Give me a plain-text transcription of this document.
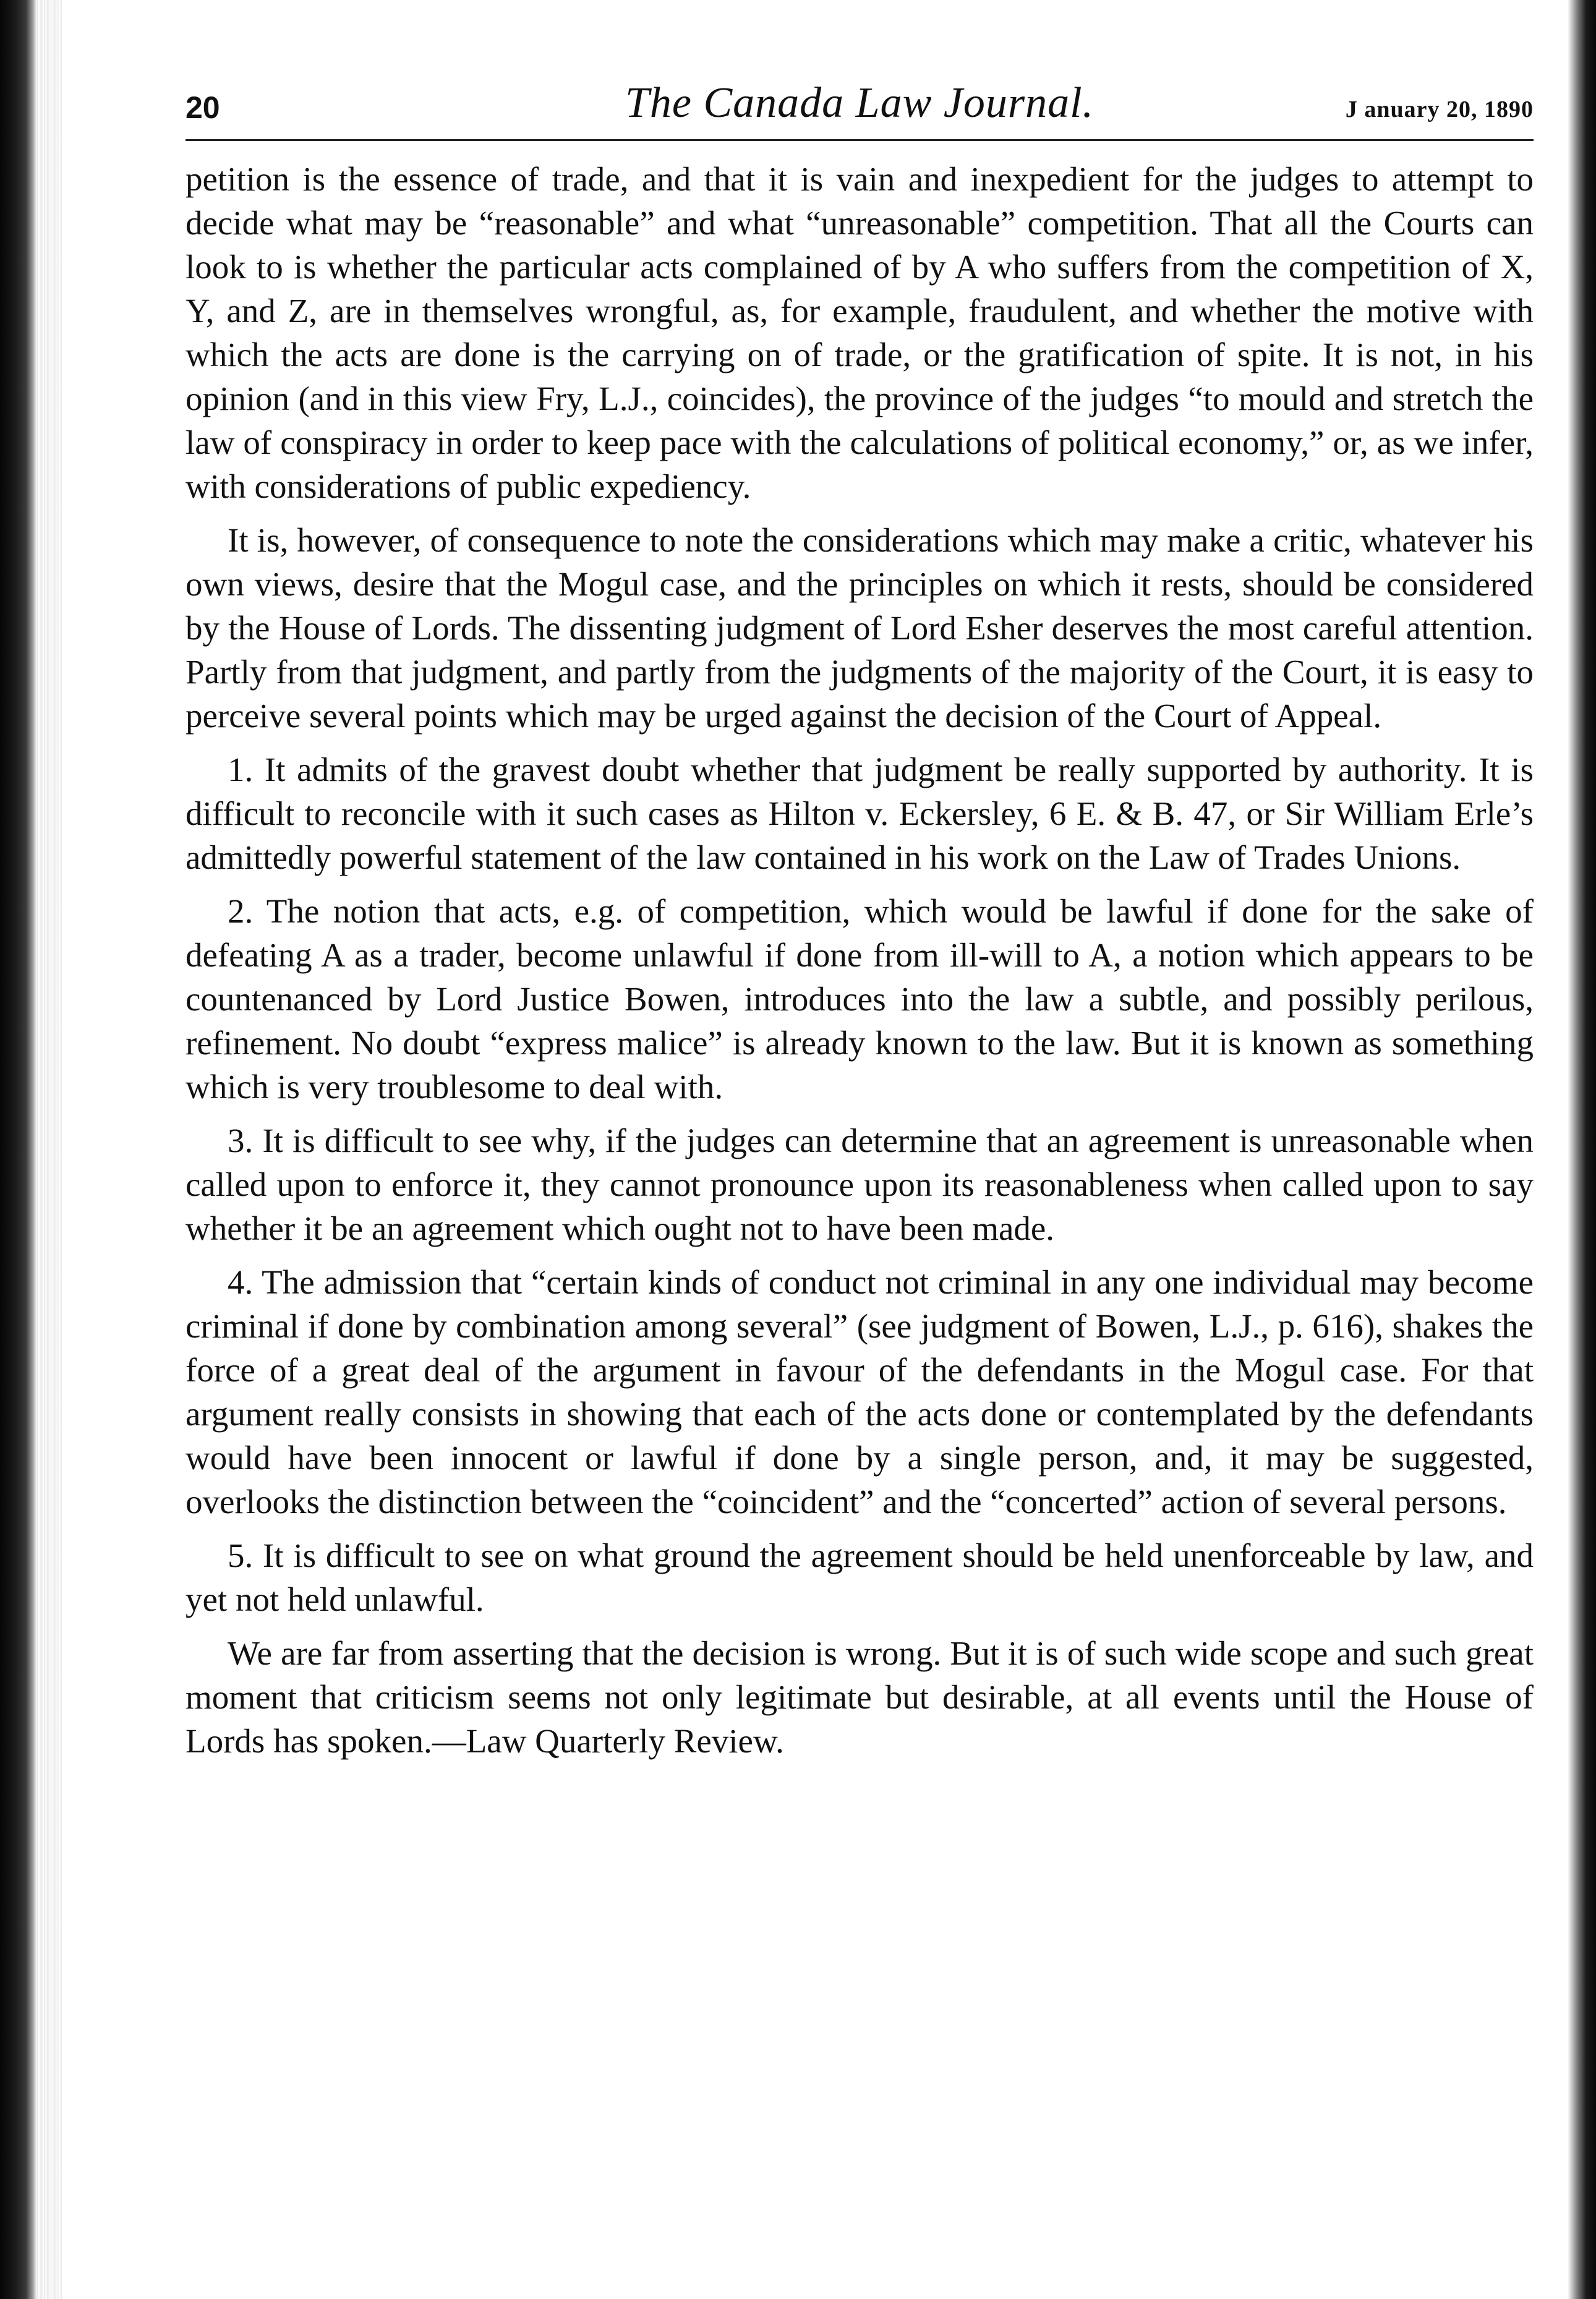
20	The Canada Law Journal.	J anuary 20, 1890

petition is the essence of trade, and that it is vain and inexpedient for the judges to attempt to decide what may be “reasonable” and what “unreasonable” competition. That all the Courts can look to is whether the particular acts complained of by A who suffers from the competition of X, Y, and Z, are in themselves wrongful, as, for example, fraudulent, and whether the motive with which the acts are done is the carrying on of trade, or the gratification of spite. It is not, in his opinion (and in this view Fry, L.J., coincides), the province of the judges “to mould and stretch the law of conspiracy in order to keep pace with the calculations of political economy,” or, as we infer, with considerations of public expediency.

It is, however, of consequence to note the considerations which may make a critic, whatever his own views, desire that the Mogul case, and the principles on which it rests, should be considered by the House of Lords. The dissenting judgment of Lord Esher deserves the most careful attention. Partly from that judgment, and partly from the judgments of the majority of the Court, it is easy to perceive several points which may be urged against the decision of the Court of Appeal.

1. It admits of the gravest doubt whether that judgment be really supported by authority. It is difficult to reconcile with it such cases as Hilton v. Eckersley, 6 E. & B. 47, or Sir William Erle’s admittedly powerful statement of the law contained in his work on the Law of Trades Unions.

2. The notion that acts, e.g. of competition, which would be lawful if done for the sake of defeating A as a trader, become unlawful if done from ill-will to A, a notion which appears to be countenanced by Lord Justice Bowen, introduces into the law a subtle, and possibly perilous, refinement. No doubt “express malice” is already known to the law. But it is known as something which is very troublesome to deal with.

3. It is difficult to see why, if the judges can determine that an agreement is unreasonable when called upon to enforce it, they cannot pronounce upon its reasonableness when called upon to say whether it be an agreement which ought not to have been made.

4. The admission that “certain kinds of conduct not criminal in any one individual may become criminal if done by combination among several” (see judgment of Bowen, L.J., p. 616), shakes the force of a great deal of the argument in favour of the defendants in the Mogul case. For that argument really consists in showing that each of the acts done or contemplated by the defendants would have been innocent or lawful if done by a single person, and, it may be suggested, overlooks the distinction between the “coincident” and the “concerted” action of several persons.

5. It is difficult to see on what ground the agreement should be held unenforceable by law, and yet not held unlawful.

We are far from asserting that the decision is wrong. But it is of such wide scope and such great moment that criticism seems not only legitimate but desirable, at all events until the House of Lords has spoken.—Law Quarterly Review.
